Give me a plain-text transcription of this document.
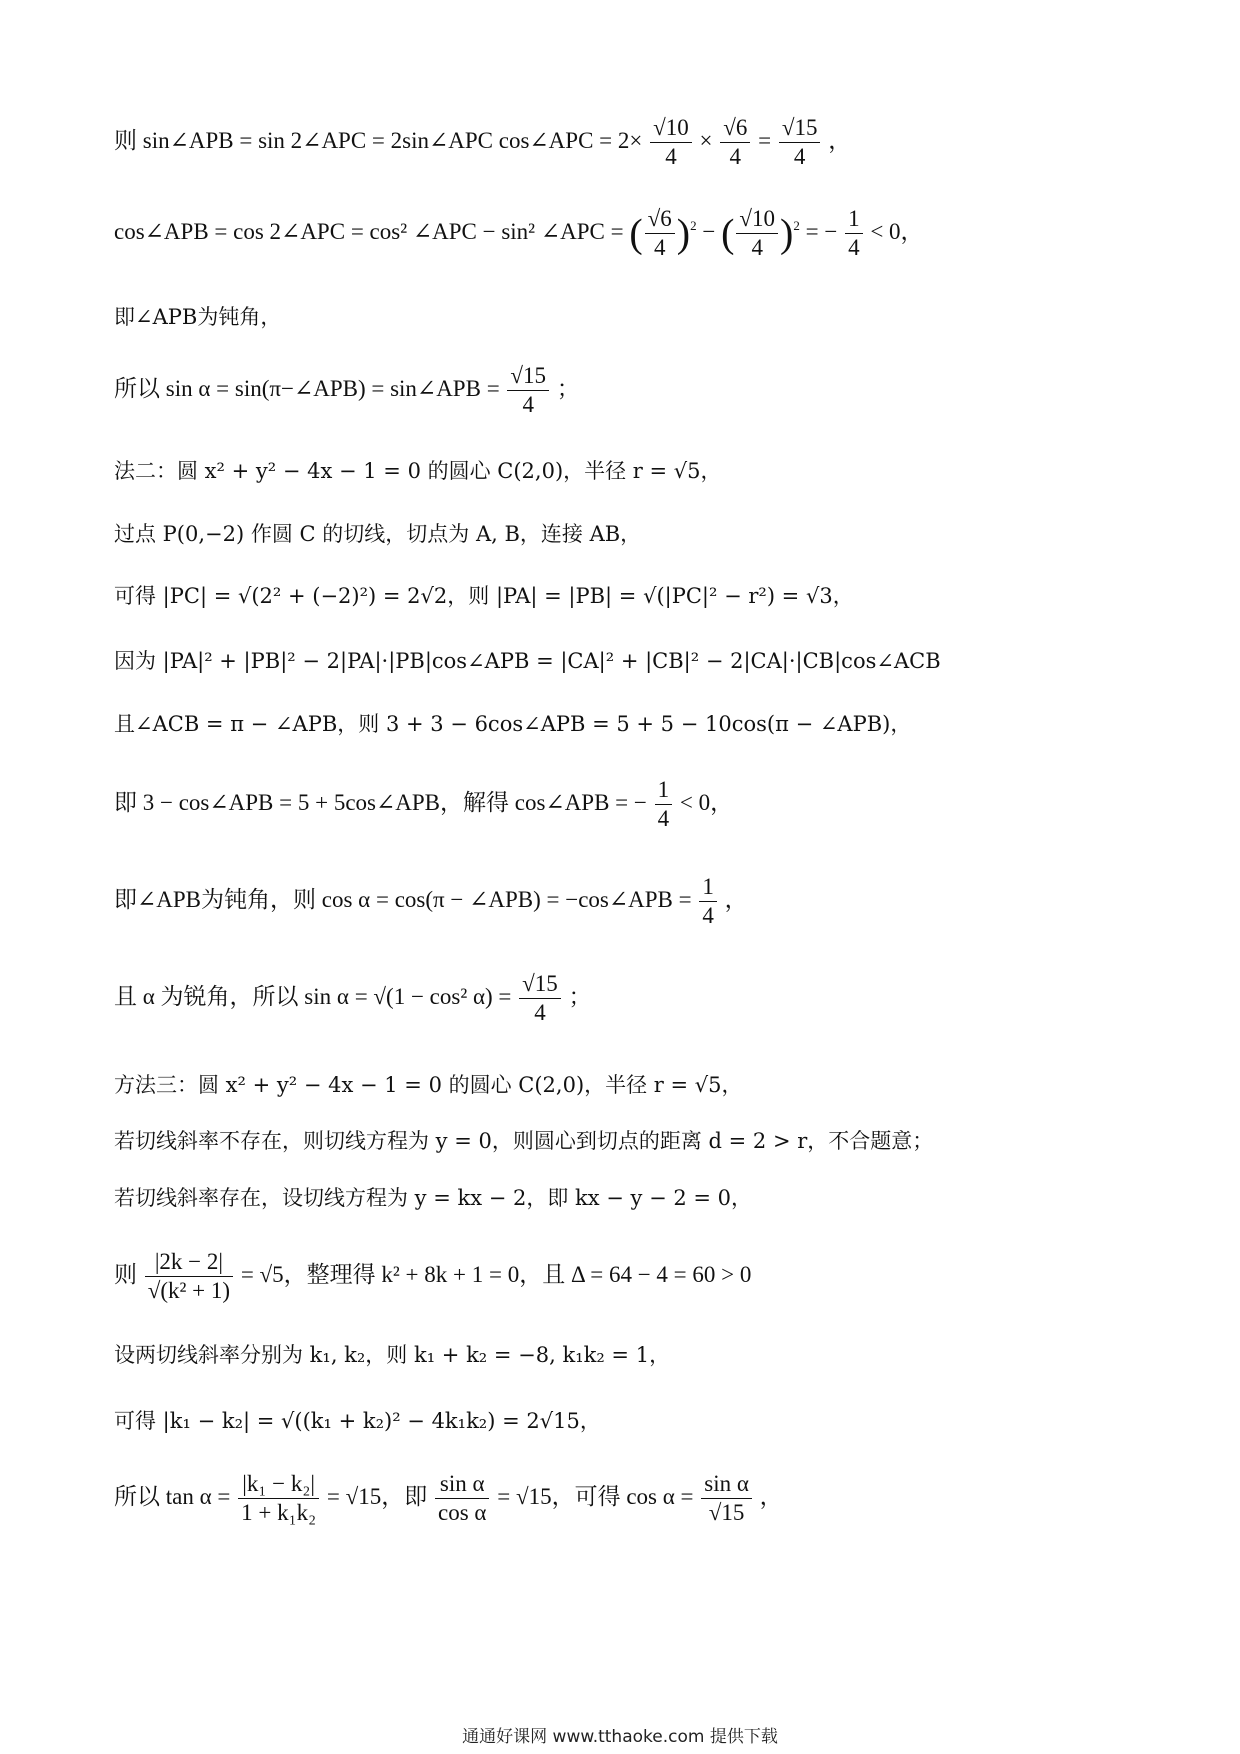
则 sin∠APB = sin 2∠APC = 2sin∠APC cos∠APC = $2\times \frac{√10}{4} \times \frac{√6}{4} = \frac{√15}{4}$ ，
cos∠APB = cos 2∠APC = cos² ∠APC − sin² ∠APC = ( $\frac{√6}{4} )^2$ − ( $\frac{√10}{4} )^2$ = − $\frac{1}{4} < 0$，
即∠APB为钝角，
所以 sin α = sin(π−∠APB) = sin∠APB = $\frac{√15}{4}$ ；
法二：圆 x² + y² − 4x − 1 = 0 的圆心 C(2,0)，半径 r = √5，
过点 P(0,−2) 作圆 C 的切线，切点为 A, B，连接 AB，
可得 |PC| = √(2² + (−2)²) = 2√2，则 |PA| = |PB| = √(|PC|² − r²) = √3，
因为 |PA|² + |PB|² − 2|PA|·|PB|cos∠APB = |CA|² + |CB|² − 2|CA|·|CB|cos∠ACB
且∠ACB = π − ∠APB，则 3 + 3 − 6cos∠APB = 5 + 5 − 10cos(π − ∠APB)，
即 3 − cos∠APB = 5 + 5cos∠APB，解得 cos∠APB = − $\frac{1}{4} < 0$，
即∠APB为钝角，则 cos α = cos(π − ∠APB) = −cos∠APB = $\frac{1}{4}$ ，
且 α 为锐角，所以 sin α = √(1 − cos² $\alpha) = \frac{√15}{4}$ ；
方法三：圆 x² + y² − 4x − 1 = 0 的圆心 C(2,0)，半径 r = √5，
若切线斜率不存在，则切线方程为 y = 0，则圆心到切点的距离 d = 2 > r，不合题意；
若切线斜率存在，设切线方程为 y = kx − 2，即 kx − y − 2 = 0，
则 $\frac{|2k - 2|}{\text{√(k² + 1)}} = √5$，整理得 k² + 8k + 1 = 0，且 Δ = 64 − 4 = 60 > 0
设两切线斜率分别为 k₁, k₂，则 k₁ + k₂ = −8, k₁k₂ = 1，
可得 |k₁ − k₂| = √((k₁ + k₂)² − 4k₁k₂) = 2√15，
所以 $\tan \alpha = \frac{\text{|k₁ − k₂|}}{\text{1 + k₁k₂}} = √15$，即 $\frac{\text{sin α}}{\text{cos α}} = √15$，可得 $\cos \alpha = \frac{\text{sin α}}{√15}$ ，
通通好课网 www.tthaoke.com 提供下载
